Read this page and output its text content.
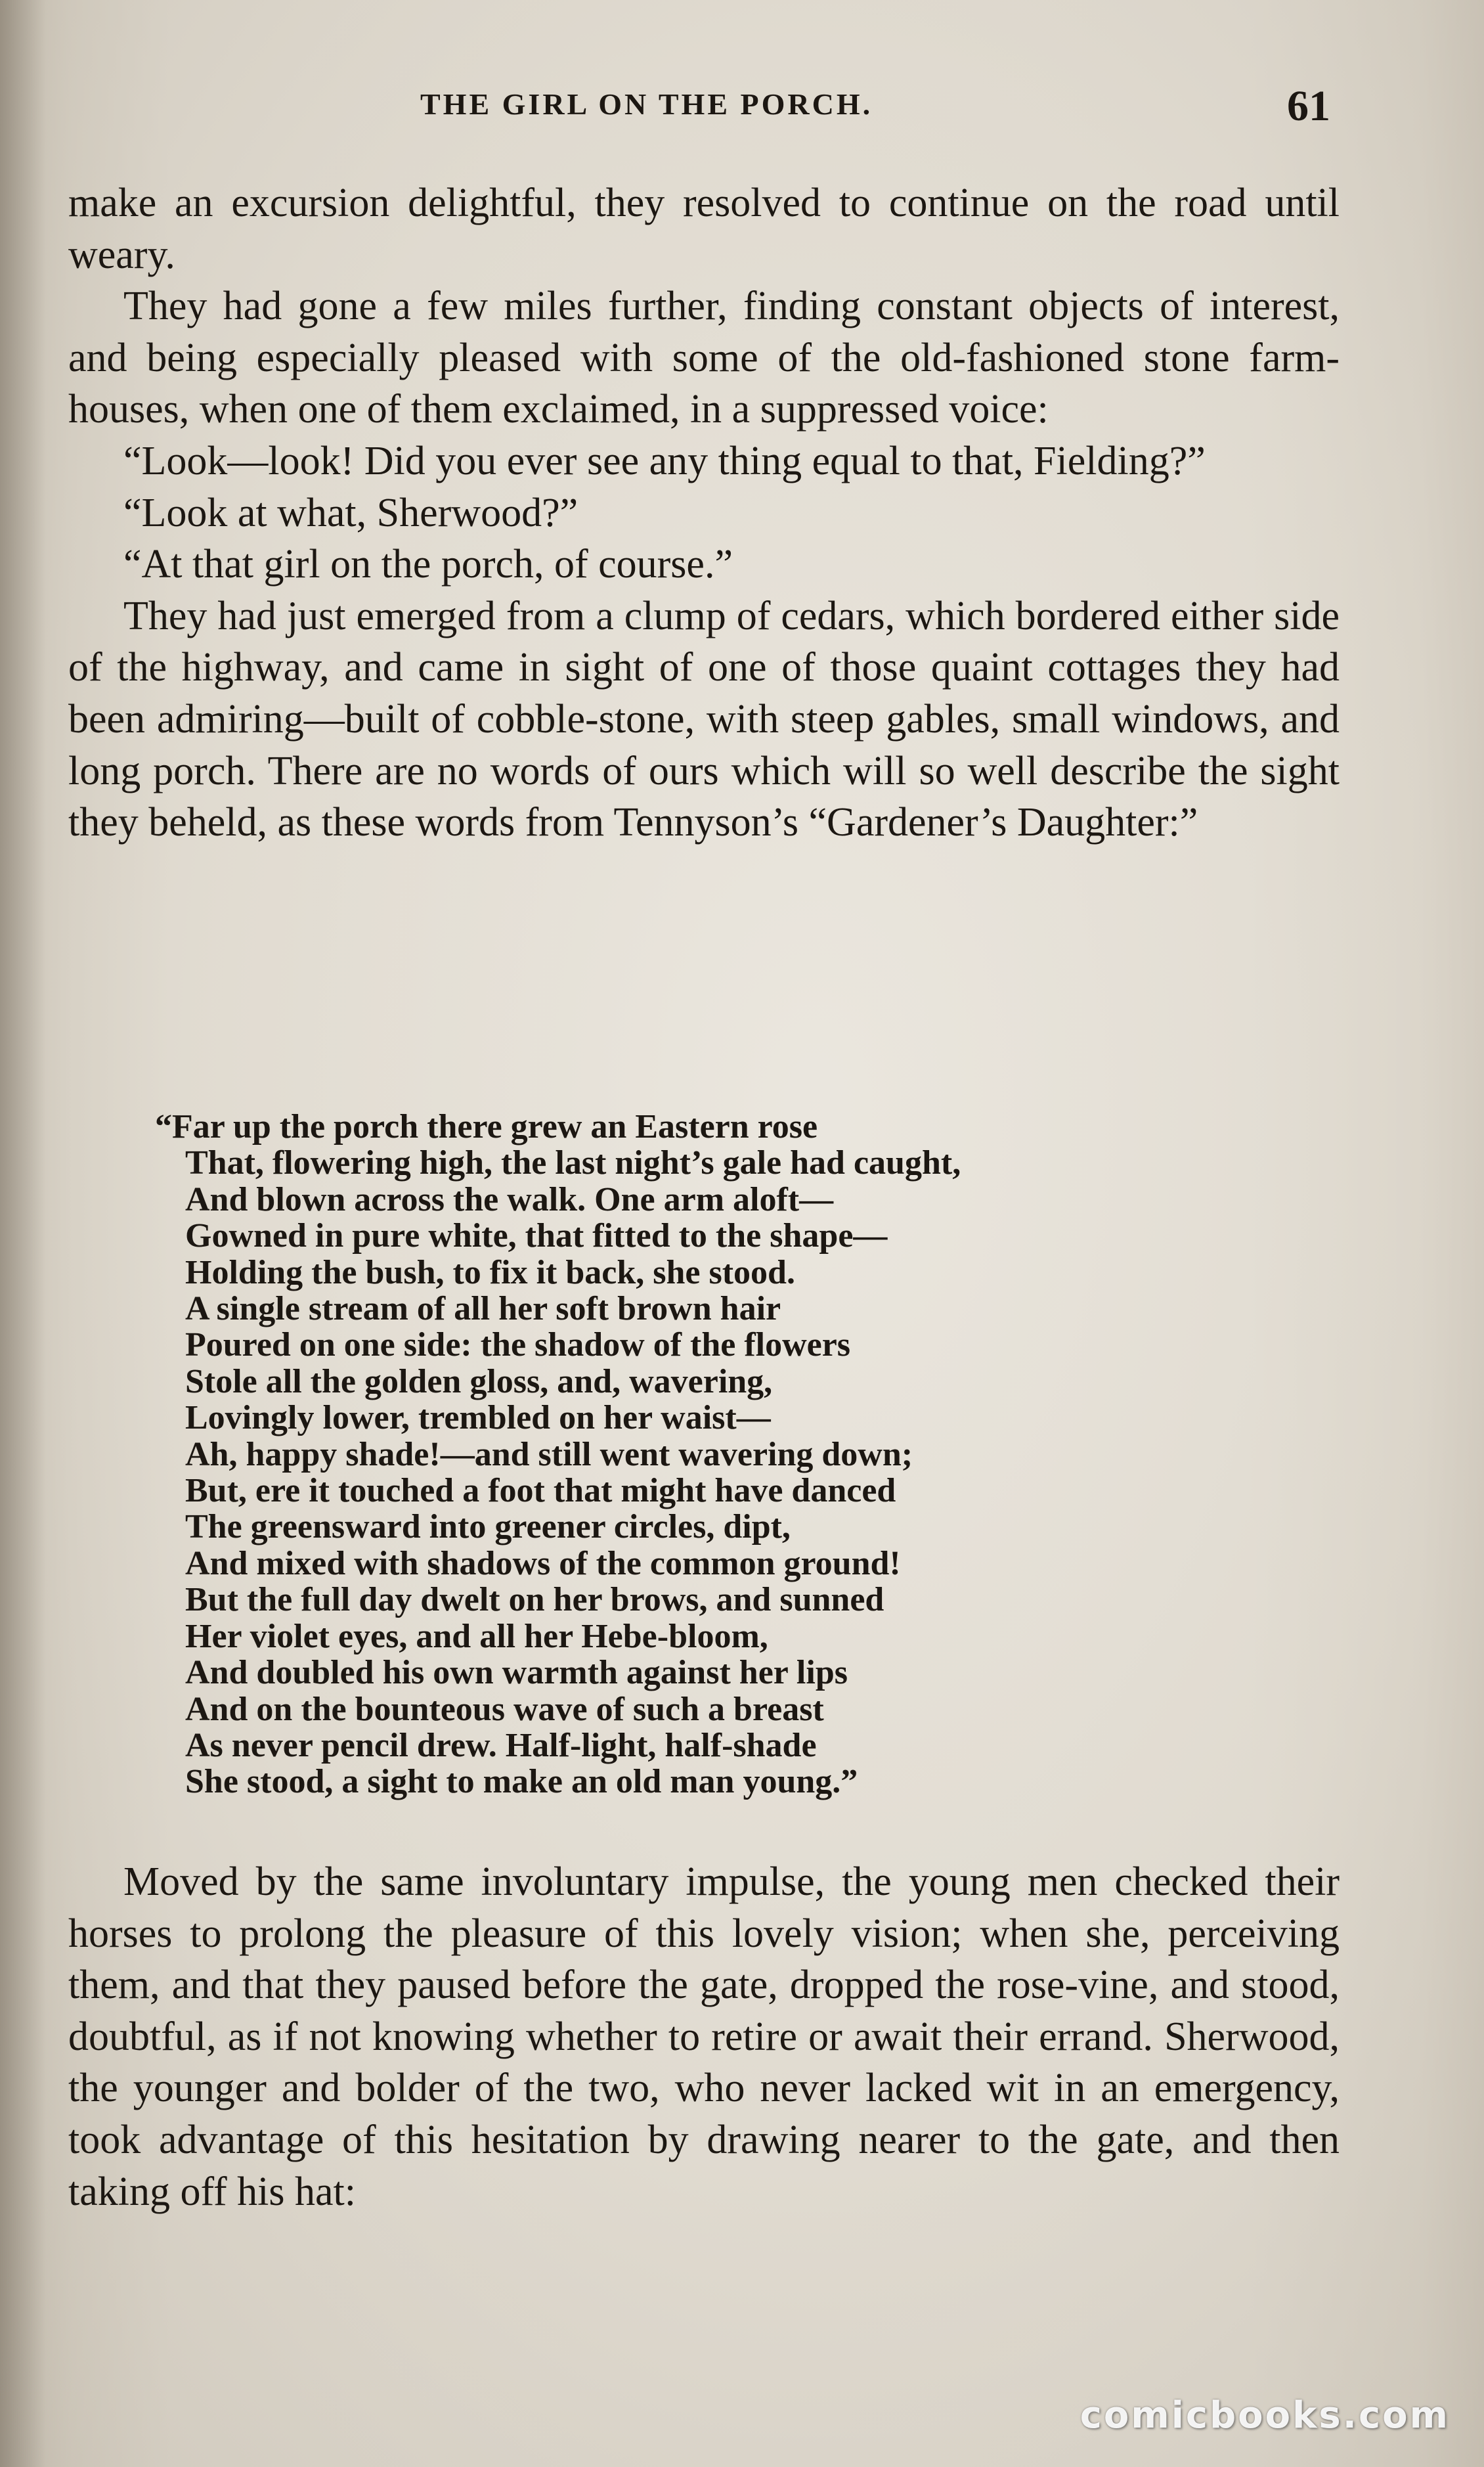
THE GIRL ON THE PORCH.	61

make an excursion delightful, they resolved to continue on the road until weary.

They had gone a few miles further, finding constant objects of interest, and being especially pleased with some of the old-fashioned stone farm-houses, when one of them exclaimed, in a suppressed voice:

“Look—look! Did you ever see any thing equal to that, Fielding?”

“Look at what, Sherwood?”

“At that girl on the porch, of course.”

They had just emerged from a clump of cedars, which bordered either side of the highway, and came in sight of one of those quaint cottages they had been admiring—built of cobble-stone, with steep gables, small windows, and long porch. There are no words of ours which will so well describe the sight they beheld, as these words from Tennyson’s “Gardener’s Daughter:”

“Far up the porch there grew an Eastern rose
That, flowering high, the last night’s gale had caught,
And blown across the walk. One arm aloft—
Gowned in pure white, that fitted to the shape—
Holding the bush, to fix it back, she stood.
A single stream of all her soft brown hair
Poured on one side: the shadow of the flowers
Stole all the golden gloss, and, wavering,
Lovingly lower, trembled on her waist—
Ah, happy shade!—and still went wavering down;
But, ere it touched a foot that might have danced
The greensward into greener circles, dipt,
And mixed with shadows of the common ground!
But the full day dwelt on her brows, and sunned
Her violet eyes, and all her Hebe-bloom,
And doubled his own warmth against her lips
And on the bounteous wave of such a breast
As never pencil drew. Half-light, half-shade
She stood, a sight to make an old man young.”

Moved by the same involuntary impulse, the young men checked their horses to prolong the pleasure of this lovely vision; when she, perceiving them, and that they paused before the gate, dropped the rose-vine, and stood, doubtful, as if not knowing whether to retire or await their errand. Sherwood, the younger and bolder of the two, who never lacked wit in an emergency, took advantage of this hesitation by drawing nearer to the gate, and then taking off his hat:

comicbooks.com
